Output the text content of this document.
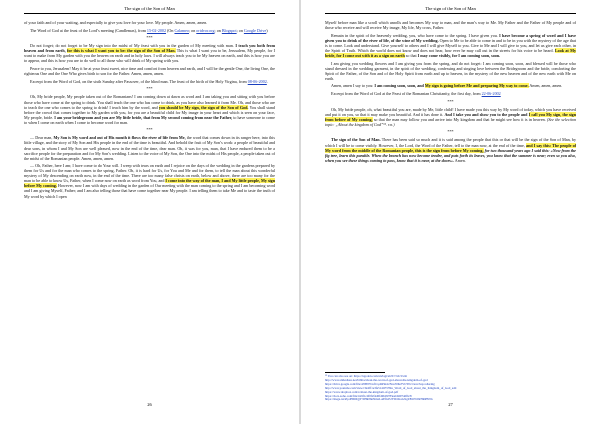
The sign of the Son of Man

of your faith and of your waiting, and especially to give you love for your love. My people. Amen, amen, amen.

The Word of God at the feast of the Lord’s meeting (Candlemas), from 15-02-2002 (On Calameo; on ortdvor.org; on Blogspot; on Google Drive)

***

Do not forget; do not forget to be My sign into the midst of My feast with you in the garden of My meeting with man. I teach you both from heaven and from earth, for this is what I want you to be: the sign of the Son of Man. This is what I want you to be, Jerusalem, My people, for I want to make from My garden with you the heaven on earth and in holy laws. I will always teach you to be My heaven on earth, and this is how you are to appear, and this is how you are to do well to all those who will drink of My spring with you.

Peace to you, Jerusalem! May it be at your feast sweet, nice time and comfort from heaven and earth, and I will be the gentle One, the living One, the righteous One and the One Who gives birth to son for the Father. Amen, amen, amen.

Excerpt from the Word of God, on the sixth Sunday after Passover, of the blind man. The feast of the birth of the Holy Virgina, from 08-06-2002.

***

Oh, My bride people, My people taken out of the Romanians! I am coming down at dawn as word and I am taking you and sitting with you before those who have come at the spring to drink. You shall teach the one who has come to drink, as you have also learned it from Me. Oh, and those who are to teach the one who comes to the spring to drink! I teach him by the word, and you should be My sign, the sign of the Son of God. You shall stand before the crowd that comes together to My garden with you, for you are a beautiful child for My image in your heart and which is seen on your face, My people, bride. I am your bridegroom and you are My little bride, that from My second coming from near the Father, to have someone to come to when I come on earth when I come to become word for man.

***

— Dear man, My Son is My word and out of His mouth it flows the river of life from Me, the word that comes down in its ranger here, into this little village, and the story of My Son and His people in the end of the time is beautiful. And behold the fruit of My Son’s work: a people of beautiful and dear sons, in whom I and My Son are well pleased, now in the end of the time, dear man. Oh, it was for you, man, that I have endured them to be a sacrifice people for the preparation and for My Son’s wedding. Listen to the voice of My Son, the One into the midst of His people, a people taken out of the midst of the Romanian people. Amen, amen, amen.

— Oh, Father, here I am; I have come to do Your will. I weep with tears on earth and I rejoice on the days of the wedding in the gardens prepared by them for Us and for the man who comes to the spring, Father. Oh, it is hard for Us, for You and Me and for them, to tell the man about this wonderful mystery of My descending on earth now, in the end of the time. There are too many false christs on earth, below and above, there are too many for the man to be able to know Us, Father, when I come now on earth as word from You, and I come into the way of the man, I and My little people, My sign before My coming. However, now I am with days of wedding in the garden of Our meeting with the man coming to the spring and I am becoming word and I am giving Myself, Father; and I am also telling those that have come together near My people. I am telling them to take Me and to taste the truth of My word by which I open

26
The sign of the Son of Man

Myself before man like a scroll which unrolls and becomes My way to man, and the man’s way to Me. My Father and the Father of My people and of those who receive and will receive My image, My life, My cross, Father.

Remain in the spirit of the heavenly wedding, you, who have come to the spring. I have given you. I have become a spring of word and I have given you to drink of the river of life, of the wine of My wedding. Open to Me to be able to come in and to be in you with the mystery of the age that is to come. Look and understand. Give yourself to others and I will give Myself to you. Give to Me and I will give to you, and let us give each other, in the Spirit of Truth. Which the world does not know and does not hear, how ever he may call out in the streets for his voice to be heard. Look at My bride, for I come out with it as a sign on earth so that I may come visibly, for I am coming soon, soon.

I am giving you wedding flowers and I am giving you from the spring, and do not forget: I am coming soon, soon, and blessed will be those who stand dressed in the wedding garment, in the spirit of the wedding, confessing and singing love between the Bridegroom and the bride, comforting the Spirit of the Father, of the Son and of the Holy Spirit from earth and up to heaven, in the mystery of the new heaven and of the new earth with Me on earth.

Amen, amen I say to you: I am coming soon, soon, and My sign is going before Me and preparing My way to come. Amen, amen, amen.

Excerpt from the Word of God at the Feast of the Romanian Christianity, the first day, from 22-06-2002

***

Oh, My bride people, oh, what beautiful you are, made by Me, little child! I have made you this way by My word of today, which you have received and put it on you, so that it may make you beautiful. And it has done it. And I take you and show you to the people and I call you My sign, the sign from before of My coming, so that the man may follow you and arrive into My kingdom and that he might see how it is in heaven. (See the selection topic: „About the kingdom of God”¹⁵. r.n.)

***

The sign of the Son of Man. There has been said so much and it is said among the people that this or that will be the sign of the Son of Man, by which I will be to come visibly. However, I, the Lord, the Word of the Father, tell to the man now, at the end of the time, and I say this: The people of My word from the middle of the Romanian people, this is the sign from before My coming, for two thousand years ago I said this: «Now from the fig tree, learn this parable. When the branch has now become tender, and puts forth its leaves, you know that the summer is near; even so you also, when you see these things coming to pass, know that it is near, at the doors». Amen.

¹⁵ You can also see on: https://ugodon.com/en/lagi/ab/0/7/ab/3/s/m
http://www.slideshare.net/biblia/about-the-word-of-god-about-the-kingdom-of-god
https://drive.google.com/file/d/0B97bwf1LpRPmaUNwZ0hrZVlJT0c/view?usp=sharing
http://www.youtube.com/view/c0e2ff1e3fe5141E57Ru_Word_of_God_about_the_Kingdom_of_God_add
https://www.dropbox.com/s/about-the-kingdom-of-god.pdf
https://docs.zoho.com/file/irz9f1cdf0f2f4d0f49bd9783eab9d07ddfbc8
https://mega.nz/#!pdHD0QjY!9HRJ6nNmzLAEfGE2YIUiKaGXgZB1lW0lrHRPEtNs
27
